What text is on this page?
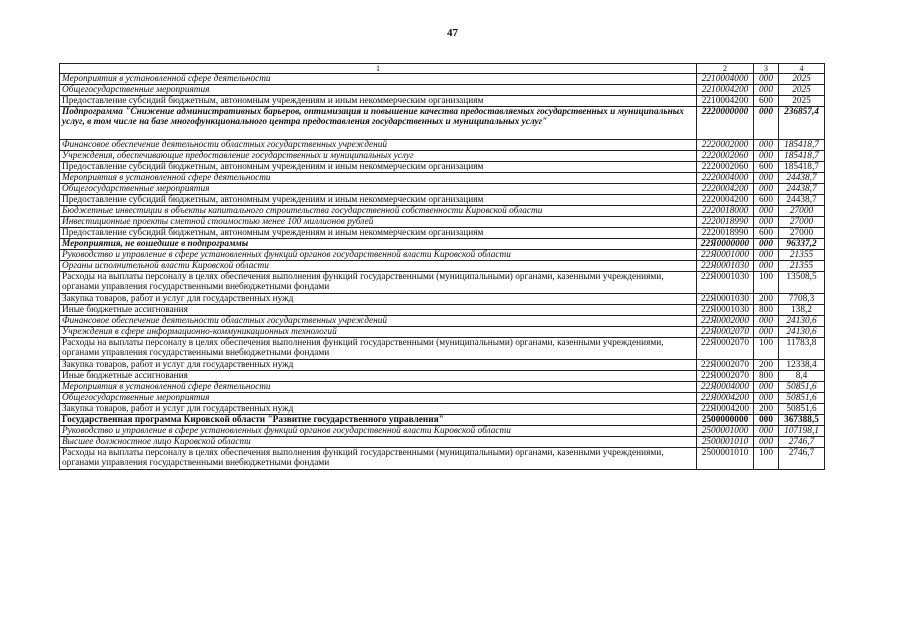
47
1	2	3	4
Мероприятия в установленной сфере деятельности	2210004000	000	2025
Общегосударственные мероприятия	2210004200	000	2025
Предоставление субсидий бюджетным, автономным учреждениям и иным некоммерческим организациям	2210004200	600	2025
Подпрограмма "Снижение административных барьеров, оптимизация и повышение качества предоставляемых государственных и муниципальных услуг, в том числе на базе многофункционального центра предоставления государственных и муниципальных услуг"	2220000000	000	236857,4
Финансовое обеспечение деятельности областных государственных учреждений	2220002000	000	185418,7
Учреждения, обеспечивающие предоставление государственных и муниципальных услуг	2220002060	000	185418,7
Предоставление субсидий бюджетным, автономным учреждениям и иным некоммерческим организациям	2220002060	600	185418,7
Мероприятия в установленной сфере деятельности	2220004000	000	24438,7
Общегосударственные мероприятия	2220004200	000	24438,7
Предоставление субсидий бюджетным, автономным учреждениям и иным некоммерческим организациям	2220004200	600	24438,7
Бюджетные инвестиции в объекты капитального строительства государственной собственности Кировской области	2220018000	000	27000
Инвестиционные проекты сметной стоимостью менее 100 миллионов рублей	2220018990	000	27000
Предоставление субсидий бюджетным, автономным учреждениям и иным некоммерческим организациям	2220018990	600	27000
Мероприятия, не вошедшие в подпрограммы	22Я0000000	000	96337,2
Руководство и управление в сфере установленных функций органов государственной власти Кировской области	22Я0001000	000	21355
Органы исполнительной власти Кировской области	22Я0001030	000	21355
Расходы на выплаты персоналу в целях обеспечения выполнения функций государственными (муниципальными) органами, казенными учреждениями, органами управления государственными внебюджетными фондами	22Я0001030	100	13508,5
Закупка товаров, работ и услуг для государственных нужд	22Я0001030	200	7708,3
Иные бюджетные ассигнования	22Я0001030	800	138,2
Финансовое обеспечение деятельности областных государственных учреждений	22Я0002000	000	24130,6
Учреждения в сфере информационно-коммуникационных технологий	22Я0002070	000	24130,6
Расходы на выплаты персоналу в целях обеспечения выполнения функций государственными (муниципальными) органами, казенными учреждениями, органами управления государственными внебюджетными фондами	22Я0002070	100	11783,8
Закупка товаров, работ и услуг для государственных нужд	22Я0002070	200	12338,4
Иные бюджетные ассигнования	22Я0002070	800	8,4
Мероприятия в установленной сфере деятельности	22Я0004000	000	50851,6
Общегосударственные мероприятия	22Я0004200	000	50851,6
Закупка товаров, работ и услуг для государственных нужд	22Я0004200	200	50851,6
Государственная программа Кировской области "Развитие государственного управления"	2500000000	000	367388,5
Руководство и управление в сфере установленных функций органов государственной власти Кировской области	2500001000	000	107198,1
Высшее должностное лицо Кировской области	2500001010	000	2746,7
Расходы на выплаты персоналу в целях обеспечения выполнения функций государственными (муниципальными) органами, казенными учреждениями, органами управления государственными внебюджетными фондами	2500001010	100	2746,7
